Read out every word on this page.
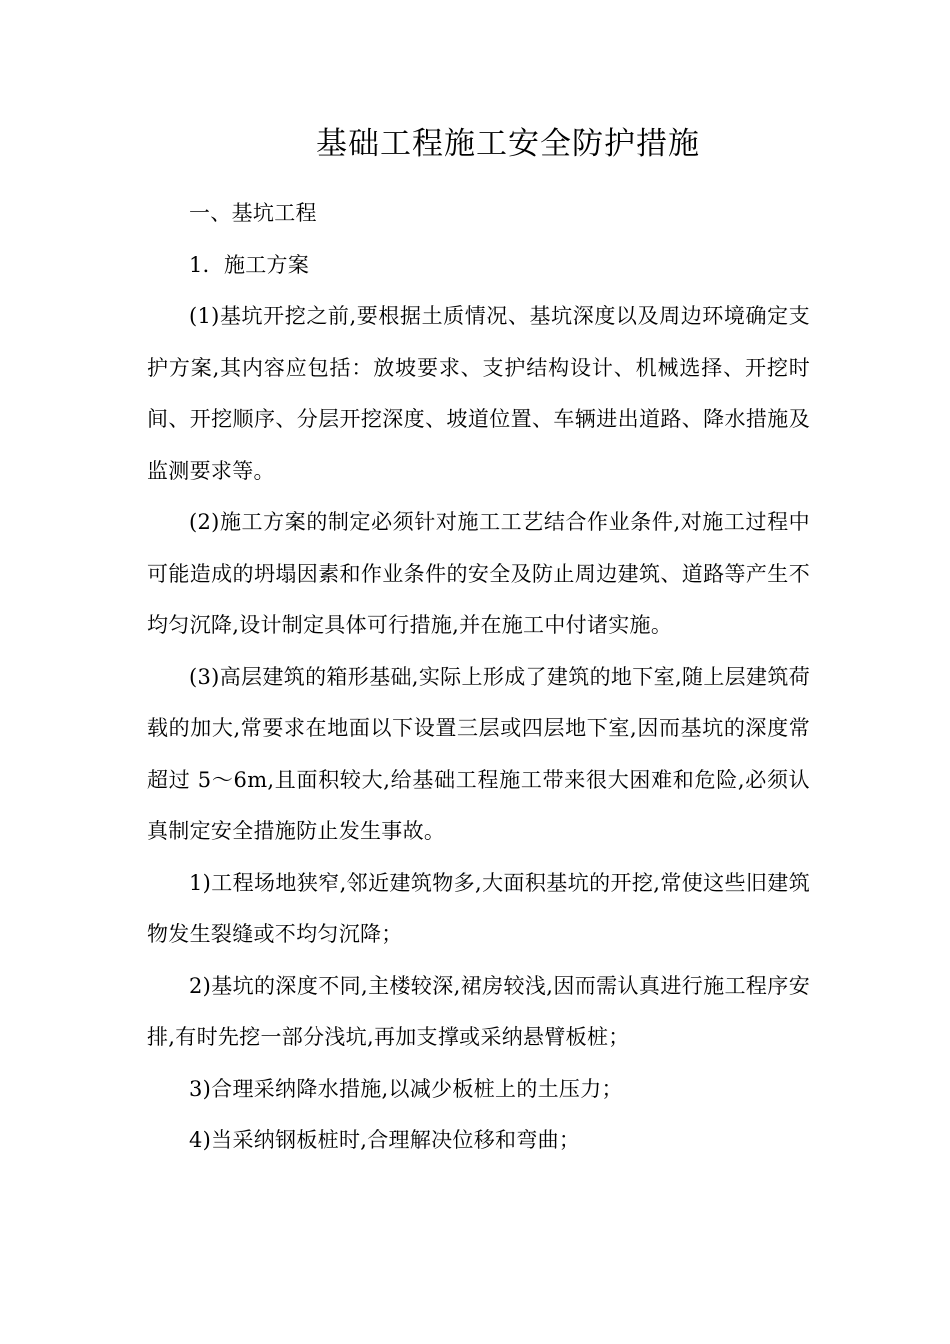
基础工程施工安全防护措施

一、基坑工程

1．施工方案

(1)基坑开挖之前,要根据土质情况、基坑深度以及周边环境确定支护方案,其内容应包括：放坡要求、支护结构设计、机械选择、开挖时间、开挖顺序、分层开挖深度、坡道位置、车辆进出道路、降水措施及监测要求等。

(2)施工方案的制定必须针对施工工艺结合作业条件,对施工过程中可能造成的坍塌因素和作业条件的安全及防止周边建筑、道路等产生不均匀沉降,设计制定具体可行措施,并在施工中付诸实施。

(3)高层建筑的箱形基础,实际上形成了建筑的地下室,随上层建筑荷载的加大,常要求在地面以下设置三层或四层地下室,因而基坑的深度常超过 5～6m,且面积较大,给基础工程施工带来很大困难和危险,必须认真制定安全措施防止发生事故。

1)工程场地狭窄,邻近建筑物多,大面积基坑的开挖,常使这些旧建筑物发生裂缝或不均匀沉降；

2)基坑的深度不同,主楼较深,裙房较浅,因而需认真进行施工程序安排,有时先挖一部分浅坑,再加支撑或采纳悬臂板桩；

3)合理采纳降水措施,以减少板桩上的土压力；

4)当采纳钢板桩时,合理解决位移和弯曲；
